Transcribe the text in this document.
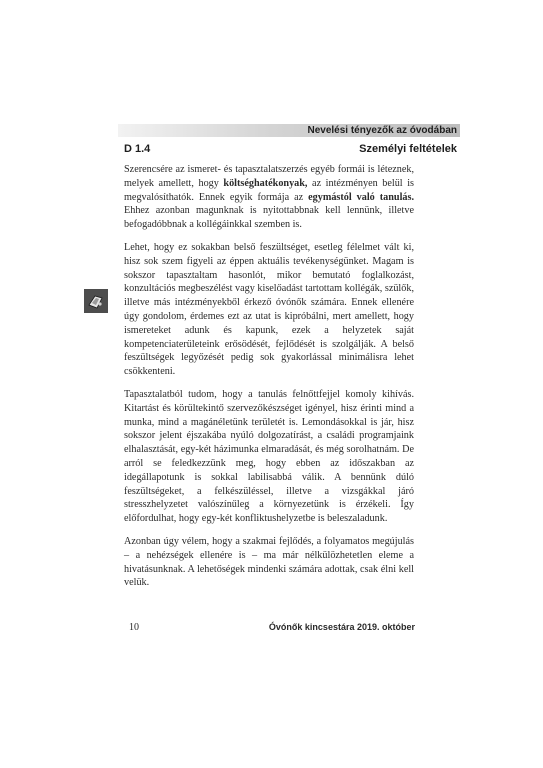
Nevelési tényezők az óvodában
D 1.4	Személyi feltételek

Szerencsére az ismeret- és tapasztalatszerzés egyéb formái is léteznek, melyek amellett, hogy költséghatékonyak, az intézményen belül is megvalósíthatók. Ennek egyik formája az egymástól való tanulás. Ehhez azonban magunknak is nyitottabbnak kell lennünk, illetve befogadóbbnak a kollégáinkkal szemben is.

Lehet, hogy ez sokakban belső feszültséget, esetleg félelmet vált ki, hisz sok szem figyeli az éppen aktuális tevékenységünket. Magam is sokszor tapasztaltam hasonlót, mikor bemutató foglalkozást, konzultációs megbeszélést vagy kiselőadást tartottam kollégák, szülők, illetve más intézményekből érkező óvónők számára. Ennek ellenére úgy gondolom, érdemes ezt az utat is kipróbálni, mert amellett, hogy ismereteket adunk és kapunk, ezek a helyzetek saját kompetenciaterületeink erősödését, fejlődését is szolgálják. A belső feszültségek legyőzését pedig sok gyakorlással minimálisra lehet csökkenteni.

Tapasztalatból tudom, hogy a tanulás felnőttfejjel komoly kihívás. Kitartást és körültekintő szervezőkészséget igényel, hisz érinti mind a munka, mind a magánéletünk területét is. Lemondásokkal is jár, hisz sokszor jelent éjszakába nyúló dolgozatírást, a családi programjaink elhalasztását, egy-két házimunka elmaradását, és még sorolhatnám. De arról se feledkezzünk meg, hogy ebben az időszakban az idegállapotunk is sokkal labilisabbá válik. A bennünk dúló feszültségeket, a felkészüléssel, illetve a vizsgákkal járó stresszhelyzetet valószínűleg a környezetünk is érzékeli. Így előfordulhat, hogy egy-két konfliktushelyzetbe is beleszaladunk.

Azonban úgy vélem, hogy a szakmai fejlődés, a folyamatos megújulás – a nehézségek ellenére is – ma már nélkülözhetetlen eleme a hivatásunknak. A lehetőségek mindenki számára adottak, csak élni kell velük.

10	Óvónők kincsestára 2019. október
